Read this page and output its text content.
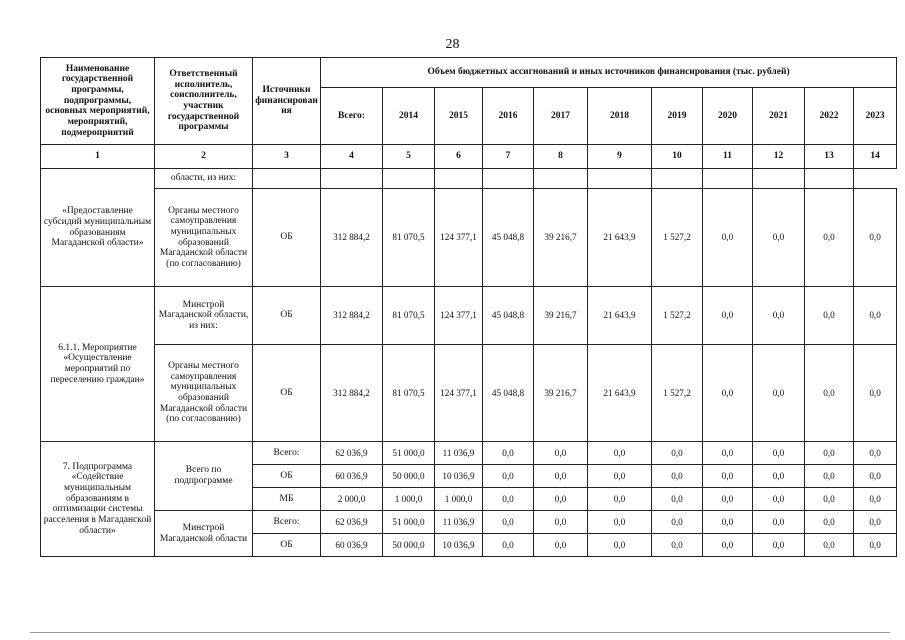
28
Наименование государственной программы, подпрограммы, основных мероприятий, мероприятий, подмероприятий	Ответственный исполнитель, соисполнитель, участник государственной программы	Источники финансирования	Объем бюджетных ассигнований и иных источников финансирования (тыс. рублей)										
			Всего:	2014	2015	2016	2017	2018	2019	2020	2021	2022	2023
1	2	3	4	5	6	7	8	9	10	11	12	13	14
«Предоставление субсидий муниципальным образованиям Магаданской области»	области, из них:												
	Органы местного самоуправления муниципальных образований Магаданской области (по согласованию)	ОБ	312 884,2	81 070,5	124 377,1	45 048,8	39 216,7	21 643,9	1 527,2	0,0	0,0	0,0	0,0
6.1.1. Мероприятие «Осуществление мероприятий по переселению граждан»	Минстрой Магаданской области, из них:	ОБ	312 884,2	81 070,5	124 377,1	45 048,8	39 216,7	21 643,9	1 527,2	0,0	0,0	0,0	0,0
	Органы местного самоуправления муниципальных образований Магаданской области (по согласованию)	ОБ	312 884,2	81 070,5	124 377,1	45 048,8	39 216,7	21 643,9	1 527,2	0,0	0,0	0,0	0,0
7. Подпрограмма «Содействие муниципальным образованиям в оптимизации системы расселения в Магаданской области»	Всего по подпрограмме	Всего:	62 036,9	51 000,0	11 036,9	0,0	0,0	0,0	0,0	0,0	0,0	0,0	0,0
		ОБ	60 036,9	50 000,0	10 036,9	0,0	0,0	0,0	0,0	0,0	0,0	0,0	0,0
		МБ	2 000,0	1 000,0	1 000,0	0,0	0,0	0,0	0,0	0,0	0,0	0,0	0,0
	Минстрой Магаданской области	Всего:	62 036,9	51 000,0	11 036,9	0,0	0,0	0,0	0,0	0,0	0,0	0,0	0,0
		ОБ	60 036,9	50 000,0	10 036,9	0,0	0,0	0,0	0,0	0,0	0,0	0,0	0,0
